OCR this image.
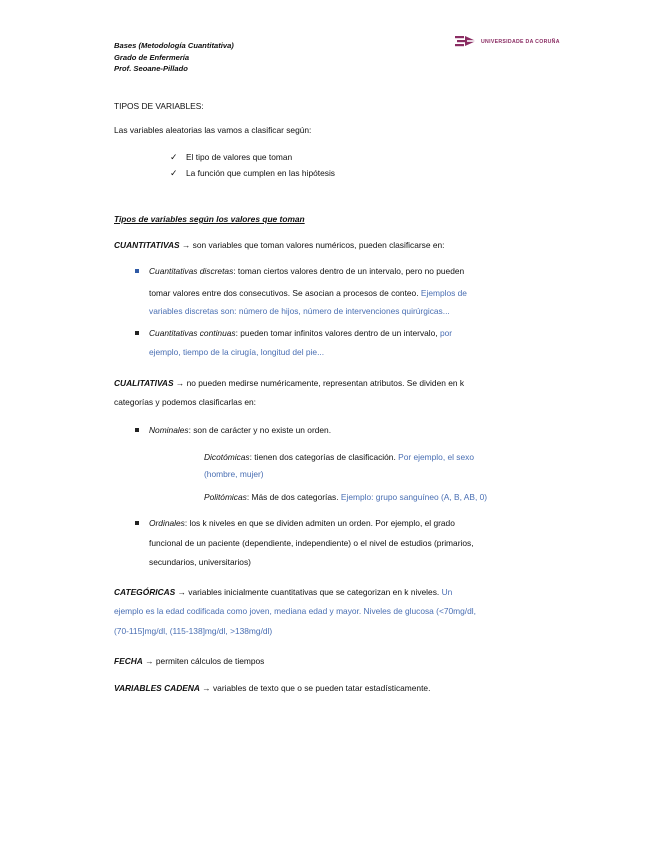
Bases (Metodología Cuantitativa)
Grado de Enfermería
Prof. Seoane-Pillado
UNIVERSIDADE DA CORUÑA
TIPOS DE VARIABLES:
Las variables aleatorias las vamos a clasificar según:
✓ El tipo de valores que toman
✓ La función que cumplen en las hipótesis
Tipos de variables según los valores que toman
CUANTITATIVAS → son variables que toman valores numéricos, pueden clasificarse en:
Cuantitativas discretas: toman ciertos valores dentro de un intervalo, pero no pueden
tomar valores entre dos consecutivos. Se asocian a procesos de conteo. Ejemplos de
variables discretas son: número de hijos, número de intervenciones quirúrgicas...
Cuantitativas continuas: pueden tomar infinitos valores dentro de un intervalo, por
ejemplo, tiempo de la cirugía, longitud del pie...
CUALITATIVAS → no pueden medirse numéricamente, representan atributos. Se dividen en k
categorías y podemos clasificarlas en:
Nominales: son de carácter y no existe un orden.
Dicotómicas: tienen dos categorías de clasificación. Por ejemplo, el sexo
(hombre, mujer)
Politómicas: Más de dos categorías. Ejemplo: grupo sanguíneo (A, B, AB, 0)
Ordinales: los k niveles en que se dividen admiten un orden. Por ejemplo, el grado
funcional de un paciente (dependiente, independiente) o el nivel de estudios (primarios,
secundarios, universitarios)
CATEGÓRICAS → variables inicialmente cuantitativas que se categorizan en k niveles. Un
ejemplo es la edad codificada como joven, mediana edad y mayor. Niveles de glucosa (<70mg/dl,
(70-115]mg/dl, (115-138]mg/dl, >138mg/dl)
FECHA → permiten cálculos de tiempos
VARIABLES CADENA → variables de texto que o se pueden tatar estadísticamente.
